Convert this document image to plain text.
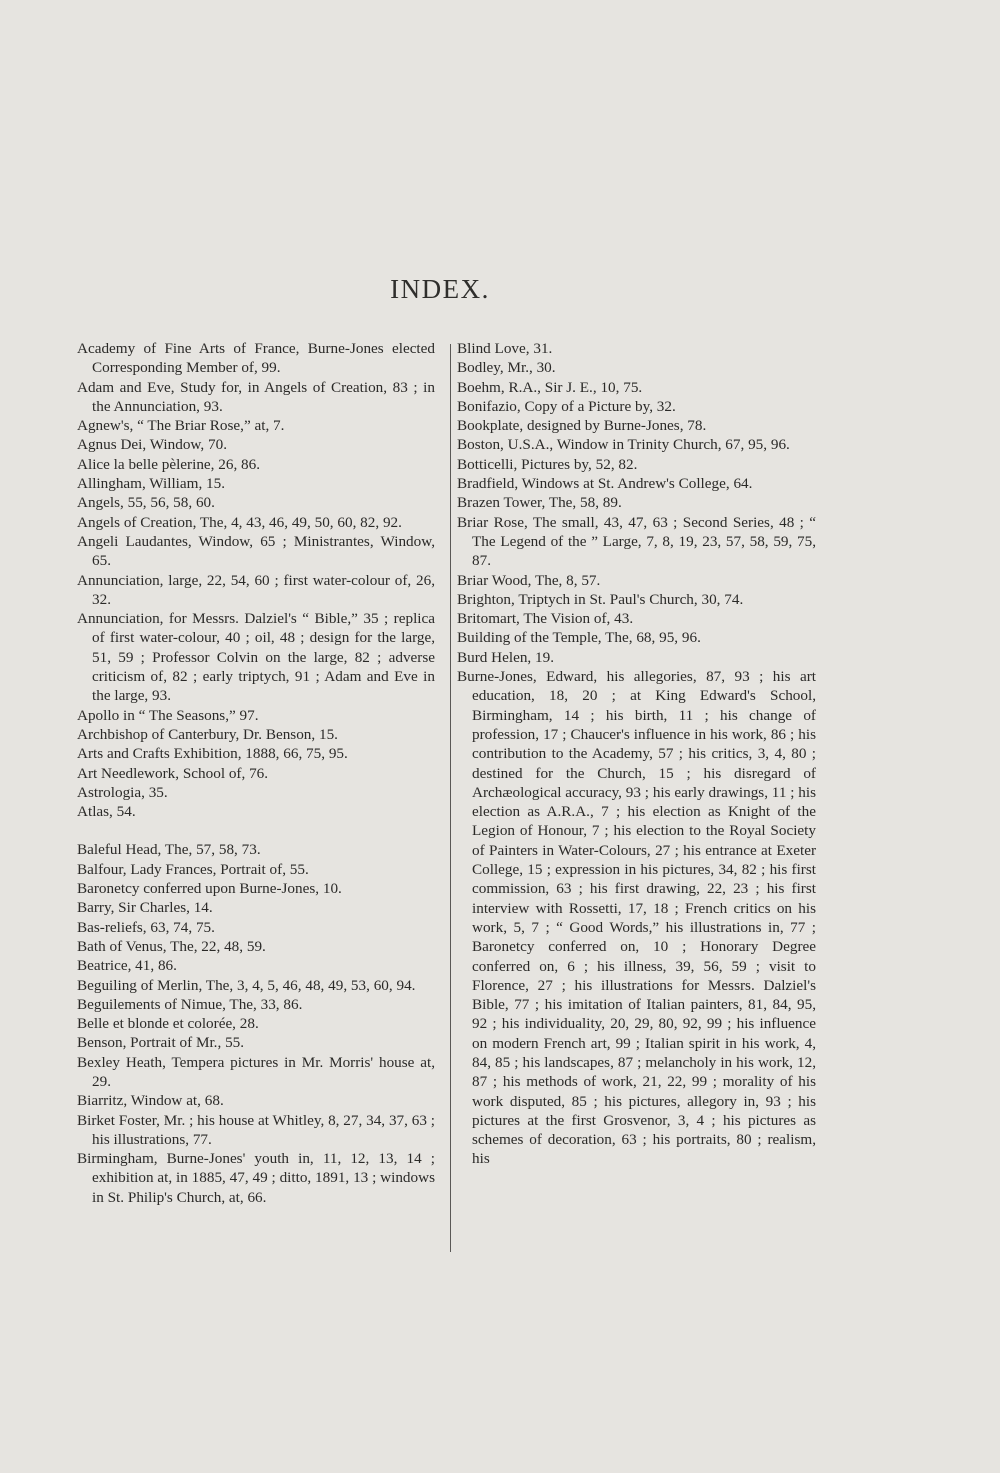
INDEX.
Academy of Fine Arts of France, Burne-Jones elected Corresponding Member of, 99.
Adam and Eve, Study for, in Angels of Creation, 83 ; in the Annunciation, 93.
Agnew's, “ The Briar Rose,” at, 7.
Agnus Dei, Window, 70.
Alice la belle pèlerine, 26, 86.
Allingham, William, 15.
Angels, 55, 56, 58, 60.
Angels of Creation, The, 4, 43, 46, 49, 50, 60, 82, 92.
Angeli Laudantes, Window, 65 ; Ministrantes, Window, 65.
Annunciation, large, 22, 54, 60 ; first water-colour of, 26, 32.
Annunciation, for Messrs. Dalziel's “ Bible,” 35 ; replica of first water-colour, 40 ; oil, 48 ; design for the large, 51, 59 ; Professor Colvin on the large, 82 ; adverse criticism of, 82 ; early triptych, 91 ; Adam and Eve in the large, 93.
Apollo in “ The Seasons,” 97.
Archbishop of Canterbury, Dr. Benson, 15.
Arts and Crafts Exhibition, 1888, 66, 75, 95.
Art Needlework, School of, 76.
Astrologia, 35.
Atlas, 54.
Baleful Head, The, 57, 58, 73.
Balfour, Lady Frances, Portrait of, 55.
Baronetcy conferred upon Burne-Jones, 10.
Barry, Sir Charles, 14.
Bas-reliefs, 63, 74, 75.
Bath of Venus, The, 22, 48, 59.
Beatrice, 41, 86.
Beguiling of Merlin, The, 3, 4, 5, 46, 48, 49, 53, 60, 94.
Beguilements of Nimue, The, 33, 86.
Belle et blonde et colorée, 28.
Benson, Portrait of Mr., 55.
Bexley Heath, Tempera pictures in Mr. Morris' house at, 29.
Biarritz, Window at, 68.
Birket Foster, Mr. ; his house at Whitley, 8, 27, 34, 37, 63 ; his illustrations, 77.
Birmingham, Burne-Jones' youth in, 11, 12, 13, 14 ; exhibition at, in 1885, 47, 49 ; ditto, 1891, 13 ; windows in St. Philip's Church, at, 66.
Blind Love, 31.
Bodley, Mr., 30.
Boehm, R.A., Sir J. E., 10, 75.
Bonifazio, Copy of a Picture by, 32.
Bookplate, designed by Burne-Jones, 78.
Boston, U.S.A., Window in Trinity Church, 67, 95, 96.
Botticelli, Pictures by, 52, 82.
Bradfield, Windows at St. Andrew's College, 64.
Brazen Tower, The, 58, 89.
Briar Rose, The small, 43, 47, 63 ; Second Series, 48 ; “ The Legend of the ” Large, 7, 8, 19, 23, 57, 58, 59, 75, 87.
Briar Wood, The, 8, 57.
Brighton, Triptych in St. Paul's Church, 30, 74.
Britomart, The Vision of, 43.
Building of the Temple, The, 68, 95, 96.
Burd Helen, 19.
Burne-Jones, Edward, his allegories, 87, 93 ; his art education, 18, 20 ; at King Edward's School, Birmingham, 14 ; his birth, 11 ; his change of profession, 17 ; Chaucer's influence in his work, 86 ; his contribution to the Academy, 57 ; his critics, 3, 4, 80 ; destined for the Church, 15 ; his disregard of Archæological accuracy, 93 ; his early drawings, 11 ; his election as A.R.A., 7 ; his election as Knight of the Legion of Honour, 7 ; his election to the Royal Society of Painters in Water-Colours, 27 ; his entrance at Exeter College, 15 ; expression in his pictures, 34, 82 ; his first commission, 63 ; his first drawing, 22, 23 ; his first interview with Rossetti, 17, 18 ; French critics on his work, 5, 7 ; “ Good Words,” his illustrations in, 77 ; Baronetcy conferred on, 10 ; Honorary Degree conferred on, 6 ; his illness, 39, 56, 59 ; visit to Florence, 27 ; his illustrations for Messrs. Dalziel's Bible, 77 ; his imitation of Italian painters, 81, 84, 95, 92 ; his individuality, 20, 29, 80, 92, 99 ; his influence on modern French art, 99 ; Italian spirit in his work, 4, 84, 85 ; his landscapes, 87 ; melancholy in his work, 12, 87 ; his methods of work, 21, 22, 99 ; morality of his work disputed, 85 ; his pictures, allegory in, 93 ; his pictures at the first Grosvenor, 3, 4 ; his pictures as schemes of decoration, 63 ; his portraits, 80 ; realism, his
